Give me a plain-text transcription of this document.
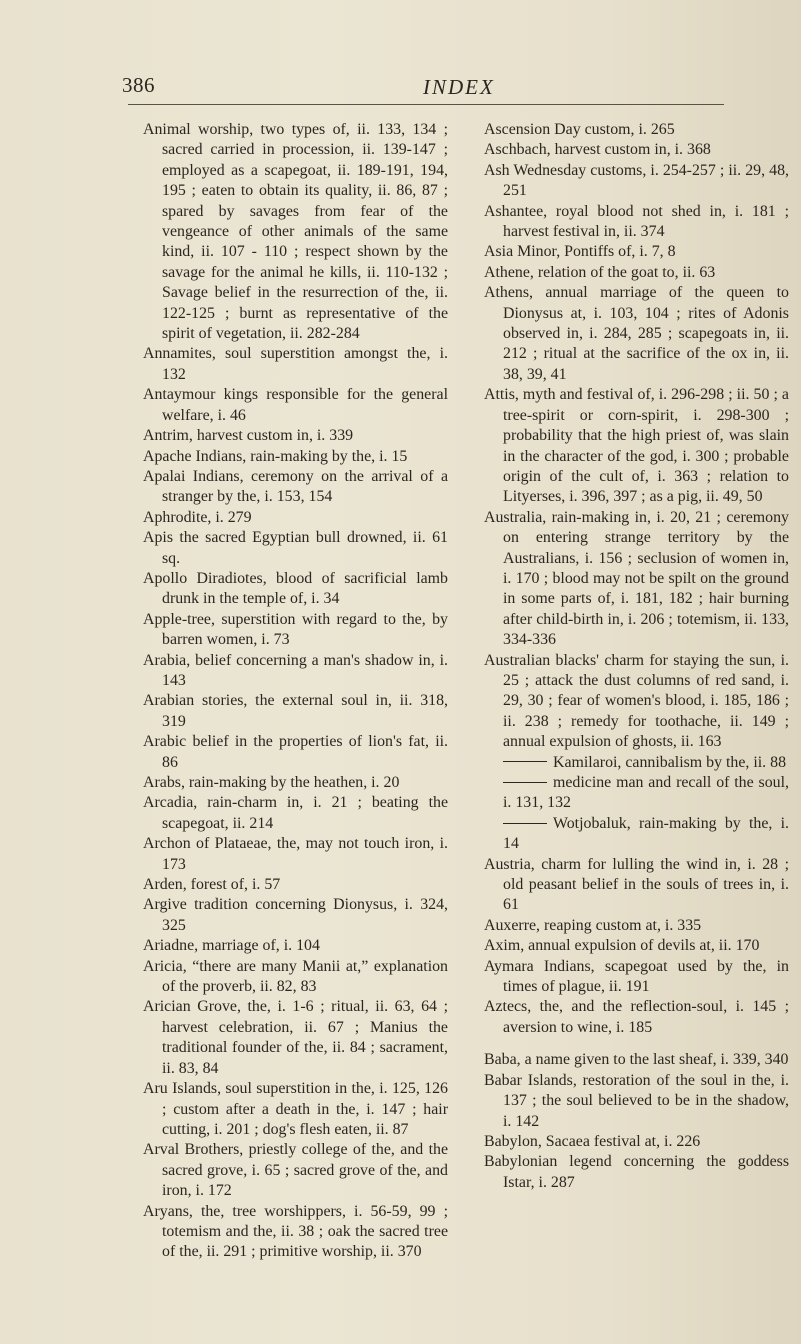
386	INDEX

Animal worship, two types of, ii. 133, 134 ; sacred carried in procession, ii. 139-147 ; employed as a scapegoat, ii. 189-191, 194, 195 ; eaten to obtain its quality, ii. 86, 87 ; spared by savages from fear of the vengeance of other animals of the same kind, ii. 107 - 110 ; respect shown by the savage for the animal he kills, ii. 110-132 ; Savage belief in the resurrection of the, ii. 122-125 ; burnt as representative of the spirit of vegetation, ii. 282-284

Annamites, soul superstition amongst the, i. 132

Antaymour kings responsible for the general welfare, i. 46

Antrim, harvest custom in, i. 339

Apache Indians, rain-making by the, i. 15

Apalai Indians, ceremony on the arrival of a stranger by the, i. 153, 154

Aphrodite, i. 279

Apis the sacred Egyptian bull drowned, ii. 61 sq.

Apollo Diradiotes, blood of sacrificial lamb drunk in the temple of, i. 34

Apple-tree, superstition with regard to the, by barren women, i. 73

Arabia, belief concerning a man's shadow in, i. 143

Arabian stories, the external soul in, ii. 318, 319

Arabic belief in the properties of lion's fat, ii. 86

Arabs, rain-making by the heathen, i. 20

Arcadia, rain-charm in, i. 21 ; beating the scapegoat, ii. 214

Archon of Plataeae, the, may not touch iron, i. 173

Arden, forest of, i. 57

Argive tradition concerning Dionysus, i. 324, 325

Ariadne, marriage of, i. 104

Aricia, “there are many Manii at,” explanation of the proverb, ii. 82, 83

Arician Grove, the, i. 1-6 ; ritual, ii. 63, 64 ; harvest celebration, ii. 67 ; Manius the traditional founder of the, ii. 84 ; sacrament, ii. 83, 84

Aru Islands, soul superstition in the, i. 125, 126 ; custom after a death in the, i. 147 ; hair cutting, i. 201 ; dog's flesh eaten, ii. 87

Arval Brothers, priestly college of the, and the sacred grove, i. 65 ; sacred grove of the, and iron, i. 172

Aryans, the, tree worshippers, i. 56-59, 99 ; totemism and the, ii. 38 ; oak the sacred tree of the, ii. 291 ; primitive worship, ii. 370

Ascension Day custom, i. 265

Aschbach, harvest custom in, i. 368

Ash Wednesday customs, i. 254-257 ; ii. 29, 48, 251

Ashantee, royal blood not shed in, i. 181 ; harvest festival in, ii. 374

Asia Minor, Pontiffs of, i. 7, 8

Athene, relation of the goat to, ii. 63

Athens, annual marriage of the queen to Dionysus at, i. 103, 104 ; rites of Adonis observed in, i. 284, 285 ; scapegoats in, ii. 212 ; ritual at the sacrifice of the ox in, ii. 38, 39, 41

Attis, myth and festival of, i. 296-298 ; ii. 50 ; a tree-spirit or corn-spirit, i. 298-300 ; probability that the high priest of, was slain in the character of the god, i. 300 ; probable origin of the cult of, i. 363 ; relation to Lityerses, i. 396, 397 ; as a pig, ii. 49, 50

Australia, rain-making in, i. 20, 21 ; ceremony on entering strange territory by the Australians, i. 156 ; seclusion of women in, i. 170 ; blood may not be spilt on the ground in some parts of, i. 181, 182 ; hair burning after child-birth in, i. 206 ; totemism, ii. 133, 334-336

Australian blacks' charm for staying the sun, i. 25 ; attack the dust columns of red sand, i. 29, 30 ; fear of women's blood, i. 185, 186 ; ii. 238 ; remedy for toothache, ii. 149 ; annual expulsion of ghosts, ii. 163

Kamilaroi, cannibalism by the, ii. 88

medicine man and recall of the soul, i. 131, 132

Wotjobaluk, rain-making by the, i. 14

Austria, charm for lulling the wind in, i. 28 ; old peasant belief in the souls of trees in, i. 61

Auxerre, reaping custom at, i. 335

Axim, annual expulsion of devils at, ii. 170

Aymara Indians, scapegoat used by the, in times of plague, ii. 191

Aztecs, the, and the reflection-soul, i. 145 ; aversion to wine, i. 185

Baba, a name given to the last sheaf, i. 339, 340

Babar Islands, restoration of the soul in the, i. 137 ; the soul believed to be in the shadow, i. 142

Babylon, Sacaea festival at, i. 226

Babylonian legend concerning the goddess Istar, i. 287
